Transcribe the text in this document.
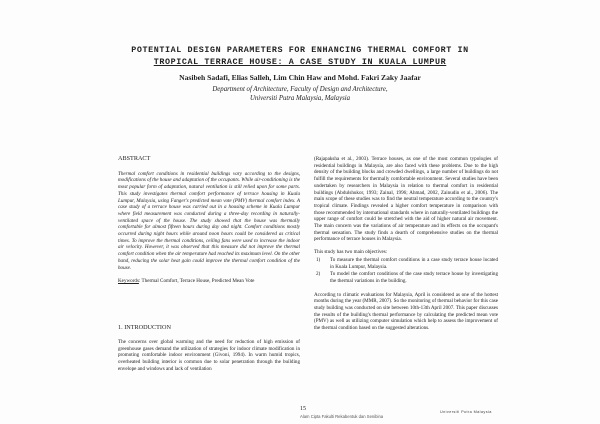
POTENTIAL DESIGN PARAMETERS FOR ENHANCING THERMAL COMFORT IN
TROPICAL TERRACE HOUSE: A CASE STUDY IN KUALA LUMPUR
Nasibeh Sadafi, Elias Salleh, Lim Chin Haw and Mohd. Fakri Zaky Jaafar
Department of Architecture, Faculty of Design and Architecture,
Universiti Putra Malaysia, Malaysia

ABSTRACT

Thermal comfort conditions in residential buildings vary according to the designs, modifications of the house and adaptation of the occupants. While air-conditioning is the most popular form of adaptation, natural ventilation is still relied upon for some parts. This study investigates thermal comfort performance of terrace housing in Kuala Lumpur, Malaysia, using Fanger's predicted mean vote (PMV) thermal comfort index. A case study of a terrace house was carried out in a housing scheme in Kuala Lumpur where field measurement was conducted during a three-day recording in naturally-ventilated space of the house. The study showed that the house was thermally comfortable for almost fifteen hours during day and night. Comfort conditions mostly occurred during night hours while around noon hours could be considered as critical times. To improve the thermal conditions, ceiling fans were used to increase the indoor air velocity. However, it was observed that this measure did not improve the thermal comfort condition when the air temperature had reached its maximum level. On the other hand, reducing the solar heat gain could improve the thermal comfort condition of the house.

Keywords: Thermal Comfort, Terrace House, Predicted Mean Vote

1. INTRODUCTION
The concerns over global warming and the need for reduction of high emission of greenhouse gases demand the utilization of strategies for indoor climate modification in promoting comfortable indoor environment (Givoni, 1994). In warm humid tropics, overheated building interior is common due to solar penetration through the building envelope and windows and lack of ventilation

(Rajapaksha et al., 2003). Terrace houses, as one of the most common typologies of residential buildings in Malaysia, are also faced with these problems. Due to the high density of the building blocks and crowded dwellings, a large number of buildings do not fulfill the requirements for thermally comfortable environment. Several studies have been undertaken by researchers in Malaysia in relation to thermal comfort in residential buildings (Abdulshukor, 1993; Zainal, 1996; Ahmad, 2002, Zainudin et al., 2006). The main scope of these studies was to find the neutral temperature according to the country's tropical climate. Findings revealed a higher comfort temperature in comparison with those recommended by international standards where in naturally-ventilated buildings the upper range of comfort could be stretched with the aid of higher natural air movement. The main concern was the variations of air temperature and its effects on the occupant's thermal sensation. The study finds a dearth of comprehensive studies on the thermal performance of terrace houses in Malaysia.

This study has two main objectives:

1)	To measure the thermal comfort conditions in a case study terrace house located in Kuala Lumpur, Malaysia.
2)	To model the comfort conditions of the case study terrace house by investigating the thermal variations in the building.

According to climatic evaluations for Malaysia, April is considered as one of the hottest months during the year (MMR, 2007). So the monitoring of thermal behavior for this case study building was conducted on site between 10th-13th April 2007. This paper discusses the results of the building's thermal performance by calculating the predicted mean vote (PMV) as well as utilizing computer simulation which help to assess the improvement of the thermal condition based on the suggested alterations.

15
Alam Cipta Fakulti Rekabentuk dan Senibina
Universiti Putra Malaysia
